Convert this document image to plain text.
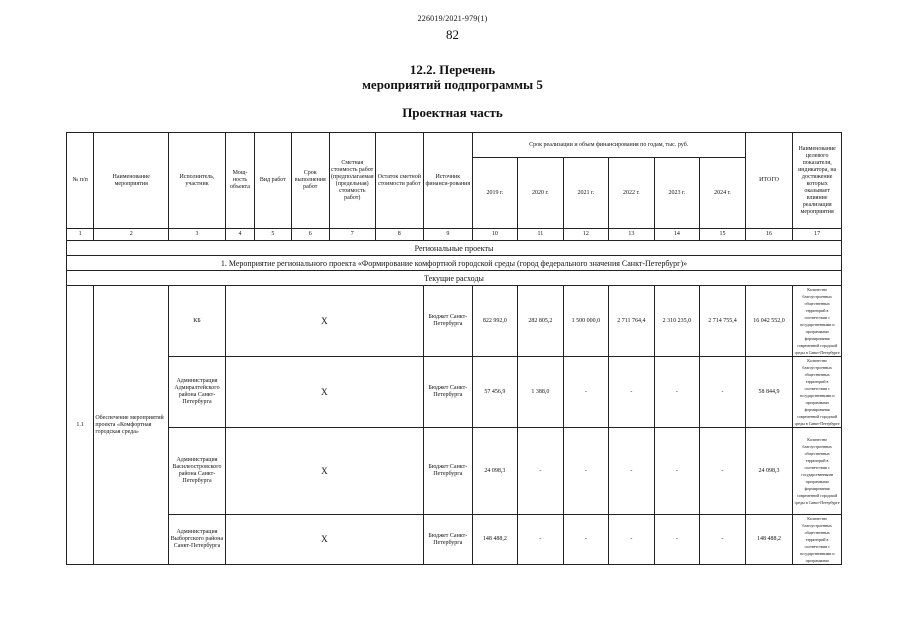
226019/2021-979(1)
82
12.2. Перечень
мероприятий подпрограммы 5
Проектная часть
№ п/п	Наименование мероприятия	Исполнитель, участник	Мощ-ность объекта	Вид работ	Срок выполнения работ	Сметная стоимость работ (предполагаемая (предельная) стоимость работ)	Остаток сметной стоимости работ	Источник финанси-рования	Срок реализации и объем финансирования по годам, тыс. руб.						ИТОГО	Наименование целевого показателя, индикатора, на достижение которых оказывает влияние реализация мероприятия
									2019 г.	2020 г.	2021 г.	2022 г.	2023 г.	2024 г.		
1	2	3	4	5	6	7	8	9	10	11	12	13	14	15	16	17
Региональные проекты																
1. Мероприятие регионального проекта «Формирование комфортной городской среды (город федерального значения Санкт-Петербург)»																
Текущие расходы																
1.1	Обеспечение мероприятий проекта «Комфортная городская среда»	КБ	X					Бюджет Санкт-Петербурга	822 992,0	282 805,2	1 500 000,0	2 711 764,4	2 310 235,0	2 714 755,4	16 042 552,0	Количество благоустроенных общественных территорий в соответствии с государственными и программами формирования современной городской среды в Санкт-Петербурге
		Администрация Адмиралтейского района Санкт-Петербурга	X					Бюджет Санкт-Петербурга	57 456,9	1 388,0	-	-	-	-	58 844,9	Количество благоустроенных общественных территорий в соответствии с государственными и программами формирования современной городской среды в Санкт-Петербурге
		Администрация Василеостровского района Санкт-Петербурга	X					Бюджет Санкт-Петербурга	24 098,3	-	-	-	-	-	24 098,3	Количество благоустроенных общественных территорий в соответствии с государственными программами формирования современной городской среды в Санкт-Петербурге
		Администрация Выборгского района Санкт-Петербурга	X					Бюджет Санкт-Петербурга	148 488,2	-	-	-	-	-	148 488,2	Количество благоустроенных общественных территорий в соответствии с государственными и программами
